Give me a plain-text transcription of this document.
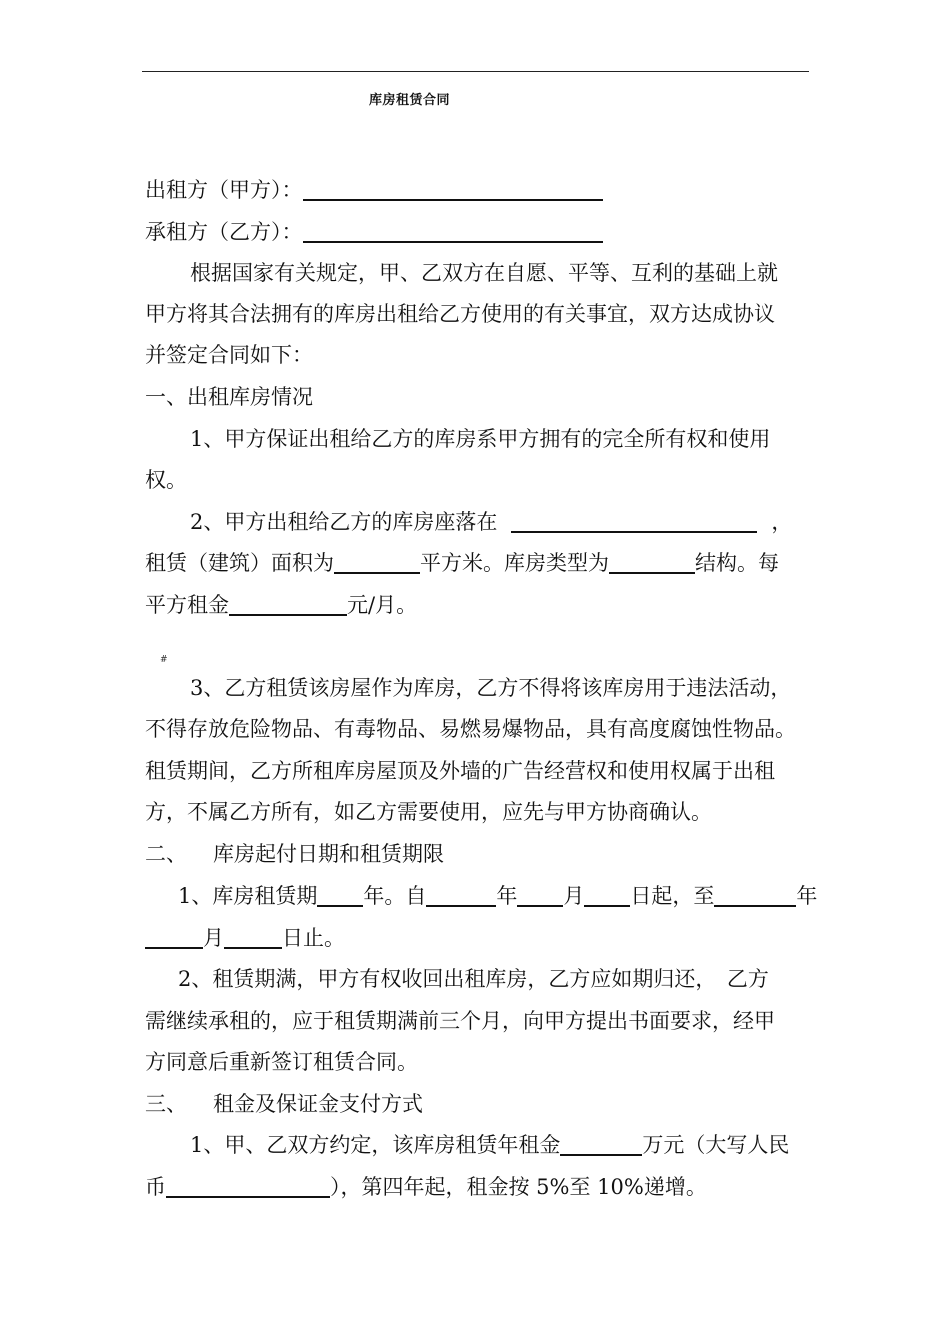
库房租赁合同
出租方（甲方）：
承租方（乙方）：
根据国家有关规定，甲、乙双方在自愿、平等、互利的基础上就
甲方将其合法拥有的库房出租给乙方使用的有关事宜，双方达成协议
并签定合同如下：
一、出租库房情况
1、甲方保证出租给乙方的库房系甲方拥有的完全所有权和使用
权。
2、甲方出租给乙方的库房座落在	，
租赁（建筑）面积为	平方米。库房类型为	结构。每
平方租金	元/月。
#
3、乙方租赁该房屋作为库房，乙方不得将该库房用于违法活动，
不得存放危险物品、有毒物品、易燃易爆物品，具有高度腐蚀性物品。
租赁期间，乙方所租库房屋顶及外墙的广告经营权和使用权属于出租
方，不属乙方所有，如乙方需要使用，应先与甲方协商确认。
二、 库房起付日期和租赁期限
1、库房租赁期 年。自	年 月 日起，至	年
月	日止。
2、租赁期满，甲方有权收回出租库房，乙方应如期归还，　乙方
需继续承租的，应于租赁期满前三个月，向甲方提出书面要求，经甲
方同意后重新签订租赁合同。
三、 租金及保证金支付方式
1、甲、乙双方约定，该库房租赁年租金	万元（大写人民
币	），第四年起，租金按 5%至 10%递增。
